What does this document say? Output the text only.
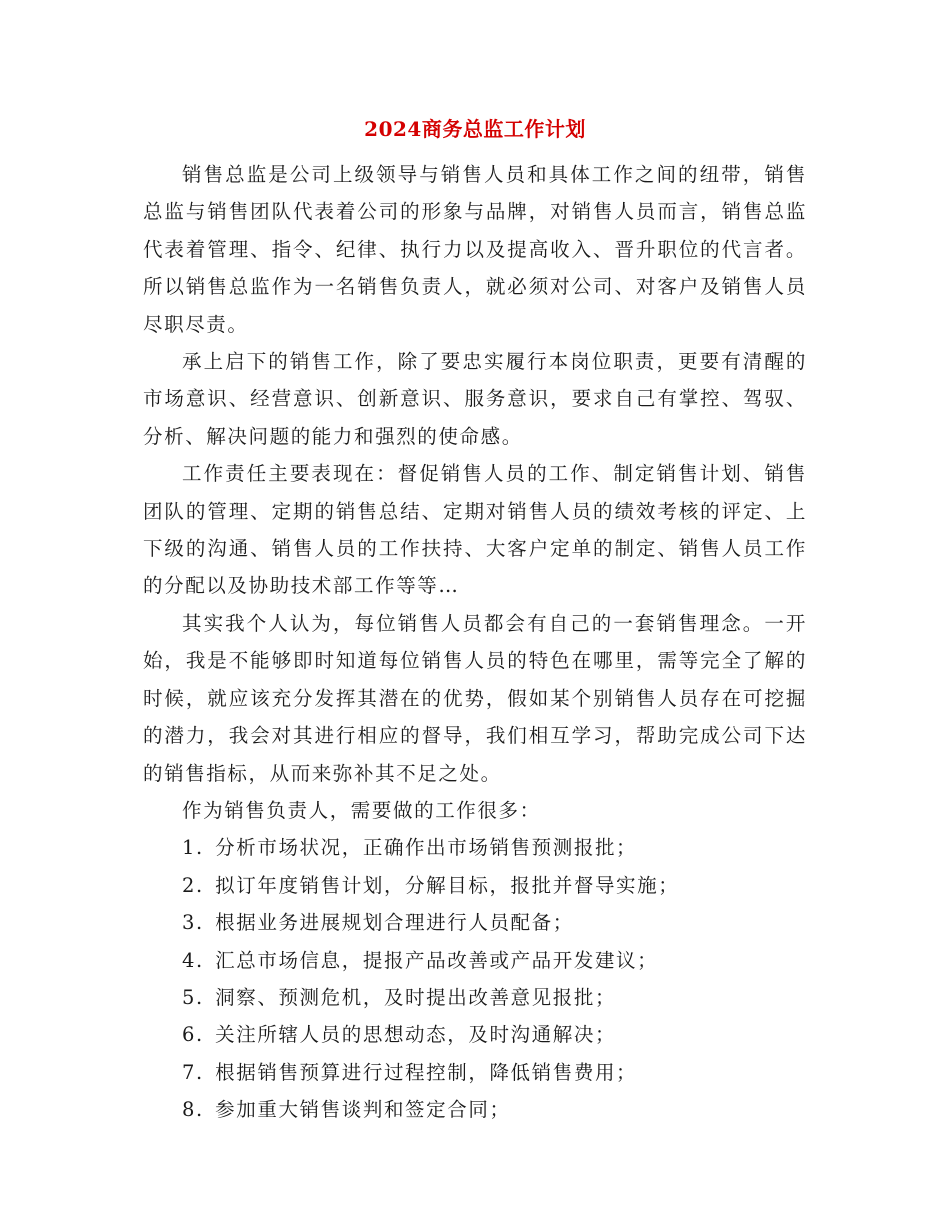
2024商务总监工作计划

销售总监是公司上级领导与销售人员和具体工作之间的纽带，销售总监与销售团队代表着公司的形象与品牌，对销售人员而言，销售总监代表着管理、指令、纪律、执行力以及提高收入、晋升职位的代言者。 所以销售总监作为一名销售负责人，就必须对公司、对客户及销售人员尽职尽责。

承上启下的销售工作，除了要忠实履行本岗位职责，更要有清醒的市场意识、经营意识、创新意识、服务意识，要求自己有掌控、驾驭、分析、解决问题的能力和强烈的使命感。

工作责任主要表现在：督促销售人员的工作、制定销售计划、销售团队的管理、定期的销售总结、定期对销售人员的绩效考核的评定、上下级的沟通、销售人员的工作扶持、大客户定单的制定、销售人员工作的分配以及协助技术部工作等等…

其实我个人认为，每位销售人员都会有自己的一套销售理念。一开始，我是不能够即时知道每位销售人员的特色在哪里，需等完全了解的时候，就应该充分发挥其潜在的优势，假如某个别销售人员存在可挖掘的潜力，我会对其进行相应的督导，我们相互学习，帮助完成公司下达的销售指标，从而来弥补其不足之处。

作为销售负责人，需要做的工作很多：

1. 分析市场状况，正确作出市场销售预测报批；
2. 拟订年度销售计划，分解目标，报批并督导实施；
3. 根据业务进展规划合理进行人员配备；
4. 汇总市场信息，提报产品改善或产品开发建议；
5. 洞察、预测危机，及时提出改善意见报批；
6. 关注所辖人员的思想动态，及时沟通解决；
7. 根据销售预算进行过程控制，降低销售费用；
8. 参加重大销售谈判和签定合同；
